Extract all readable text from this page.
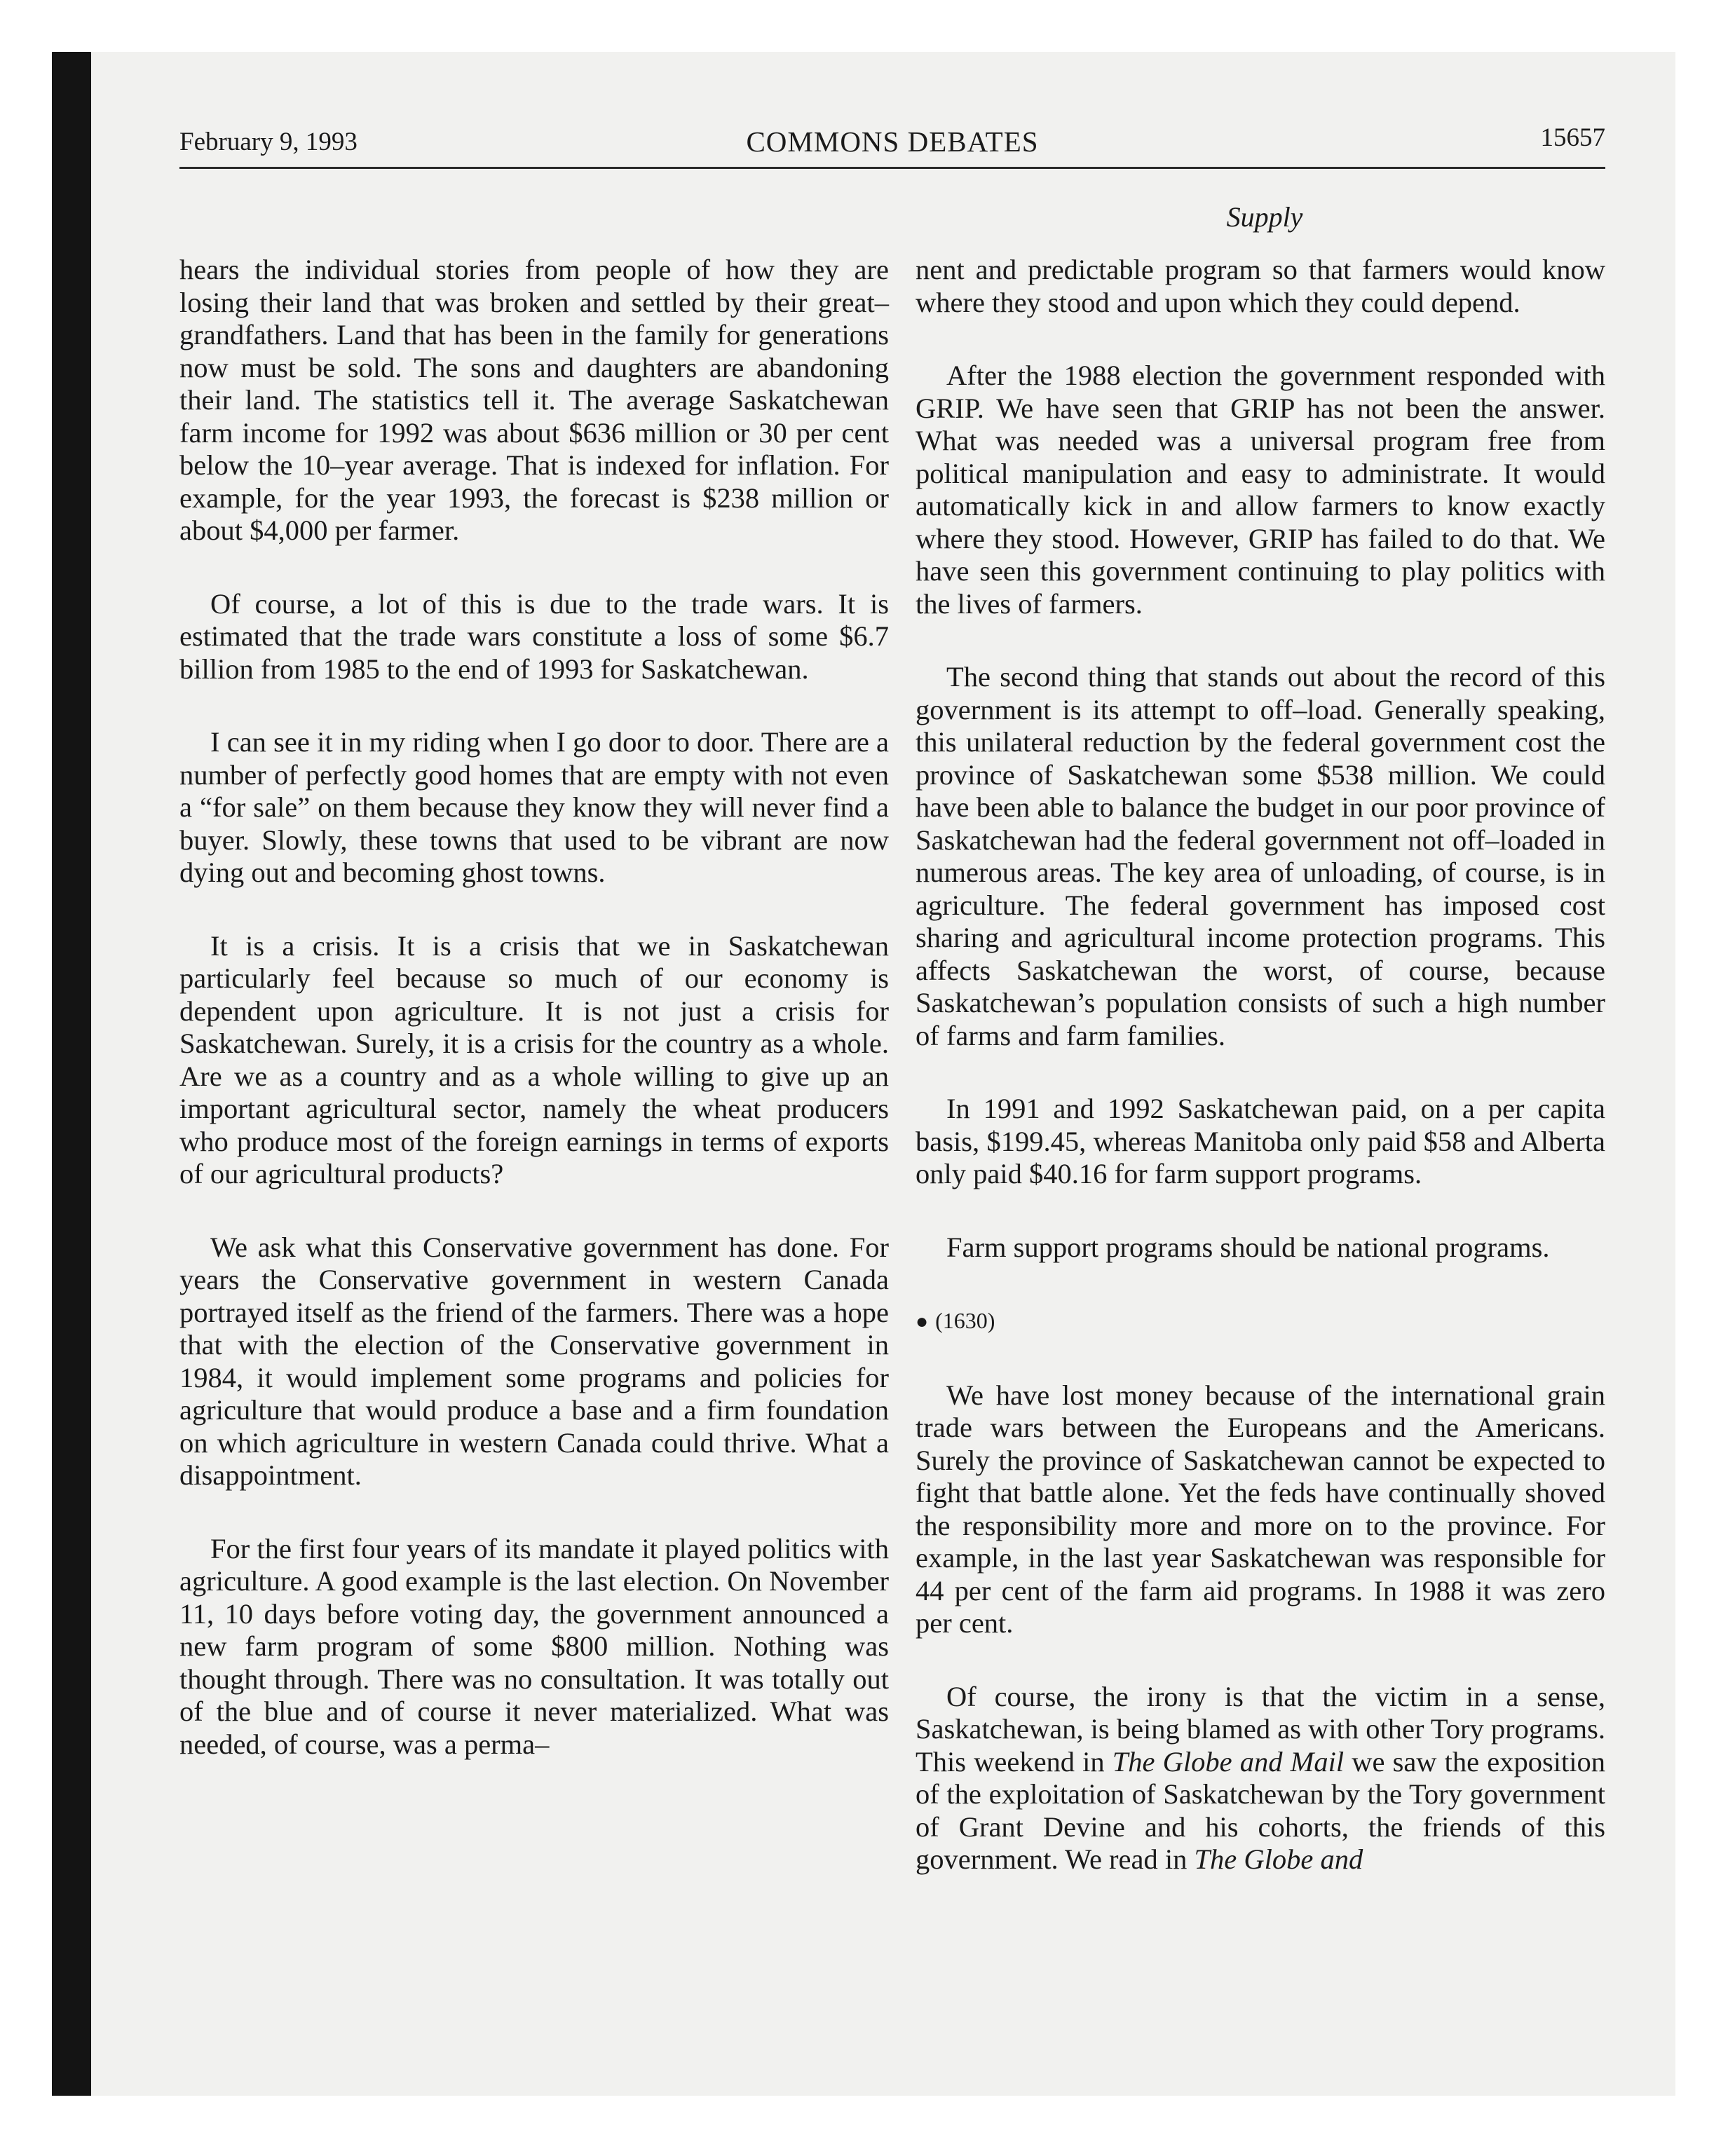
February 9, 1993	COMMONS DEBATES	15657
Supply

hears the individual stories from people of how they are losing their land that was broken and settled by their great–grandfathers. Land that has been in the family for generations now must be sold. The sons and daughters are abandoning their land. The statistics tell it. The average Saskatchewan farm income for 1992 was about $636 million or 30 per cent below the 10–year average. That is indexed for inflation. For example, for the year 1993, the forecast is $238 million or about $4,000 per farmer.

Of course, a lot of this is due to the trade wars. It is estimated that the trade wars constitute a loss of some $6.7 billion from 1985 to the end of 1993 for Saskatchewan.

I can see it in my riding when I go door to door. There are a number of perfectly good homes that are empty with not even a “for sale” on them because they know they will never find a buyer. Slowly, these towns that used to be vibrant are now dying out and becoming ghost towns.

It is a crisis. It is a crisis that we in Saskatchewan particularly feel because so much of our economy is dependent upon agriculture. It is not just a crisis for Saskatchewan. Surely, it is a crisis for the country as a whole. Are we as a country and as a whole willing to give up an important agricultural sector, namely the wheat producers who produce most of the foreign earnings in terms of exports of our agricultural products?

We ask what this Conservative government has done. For years the Conservative government in western Canada portrayed itself as the friend of the farmers. There was a hope that with the election of the Conservative government in 1984, it would implement some programs and policies for agriculture that would produce a base and a firm foundation on which agriculture in western Canada could thrive. What a disappointment.

For the first four years of its mandate it played politics with agriculture. A good example is the last election. On November 11, 10 days before voting day, the government announced a new farm program of some $800 million. Nothing was thought through. There was no consultation. It was totally out of the blue and of course it never materialized. What was needed, of course, was a perma–

nent and predictable program so that farmers would know where they stood and upon which they could depend.

After the 1988 election the government responded with GRIP. We have seen that GRIP has not been the answer. What was needed was a universal program free from political manipulation and easy to administrate. It would automatically kick in and allow farmers to know exactly where they stood. However, GRIP has failed to do that. We have seen this government continuing to play politics with the lives of farmers.

The second thing that stands out about the record of this government is its attempt to off–load. Generally speaking, this unilateral reduction by the federal government cost the province of Saskatchewan some $538 million. We could have been able to balance the budget in our poor province of Saskatchewan had the federal government not off–loaded in numerous areas. The key area of unloading, of course, is in agriculture. The federal government has imposed cost sharing and agricultural income protection programs. This affects Saskatchewan the worst, of course, because Saskatchewan’s population consists of such a high number of farms and farm families.

In 1991 and 1992 Saskatchewan paid, on a per capita basis, $199.45, whereas Manitoba only paid $58 and Alberta only paid $40.16 for farm support programs.

Farm support programs should be national programs.

● (1630)

We have lost money because of the international grain trade wars between the Europeans and the Americans. Surely the province of Saskatchewan cannot be expected to fight that battle alone. Yet the feds have continually shoved the responsibility more and more on to the province. For example, in the last year Saskatchewan was responsible for 44 per cent of the farm aid programs. In 1988 it was zero per cent.

Of course, the irony is that the victim in a sense, Saskatchewan, is being blamed as with other Tory programs. This weekend in The Globe and Mail we saw the exposition of the exploitation of Saskatchewan by the Tory government of Grant Devine and his cohorts, the friends of this government. We read in The Globe and
